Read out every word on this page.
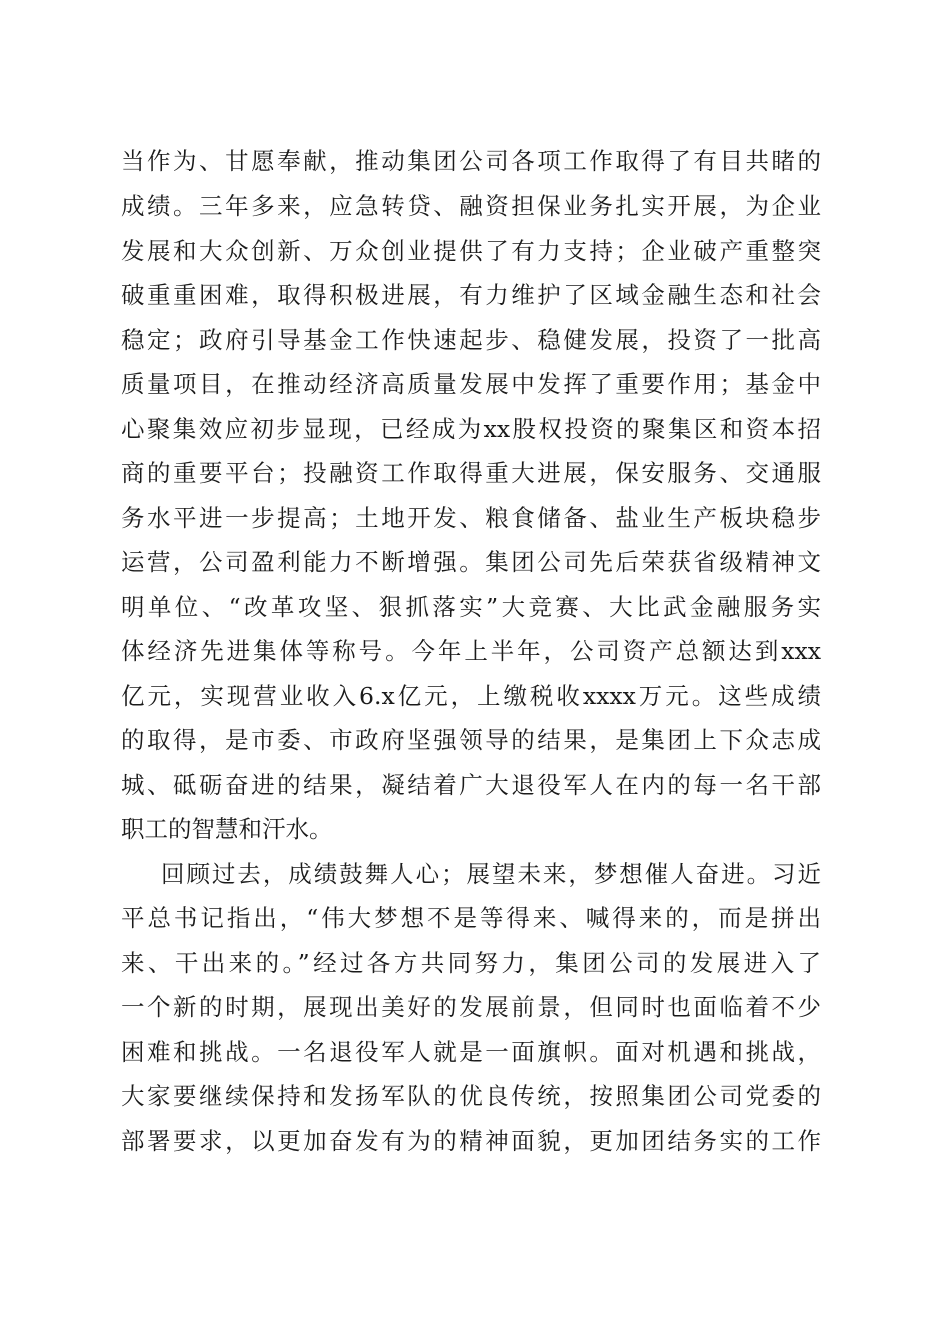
当作为、甘愿奉献，推动集团公司各项工作取得了有目共睹的
成绩。三年多来，应急转贷、融资担保业务扎实开展，为企业
发展和大众创新、万众创业提供了有力支持；企业破产重整突
破重重困难，取得积极进展，有力维护了区域金融生态和社会
稳定；政府引导基金工作快速起步、稳健发展，投资了一批高
质量项目，在推动经济高质量发展中发挥了重要作用；基金中
心聚集效应初步显现，已经成为xx股权投资的聚集区和资本招
商的重要平台；投融资工作取得重大进展，保安服务、交通服
务水平进一步提高；土地开发、粮食储备、盐业生产板块稳步
运营，公司盈利能力不断增强。集团公司先后荣获省级精神文
明单位、“改革攻坚、狠抓落实”大竞赛、大比武金融服务实
体经济先进集体等称号。今年上半年，公司资产总额达到xxx
亿元，实现营业收入6.x亿元，上缴税收xxxx万元。这些成绩
的取得，是市委、市政府坚强领导的结果，是集团上下众志成
城、砥砺奋进的结果，凝结着广大退役军人在内的每一名干部
职工的智慧和汗水。
回顾过去，成绩鼓舞人心；展望未来，梦想催人奋进。习近
平总书记指出，“伟大梦想不是等得来、喊得来的，而是拼出
来、干出来的。”经过各方共同努力，集团公司的发展进入了
一个新的时期，展现出美好的发展前景，但同时也面临着不少
困难和挑战。一名退役军人就是一面旗帜。面对机遇和挑战，
大家要继续保持和发扬军队的优良传统，按照集团公司党委的
部署要求，以更加奋发有为的精神面貌，更加团结务实的工作
